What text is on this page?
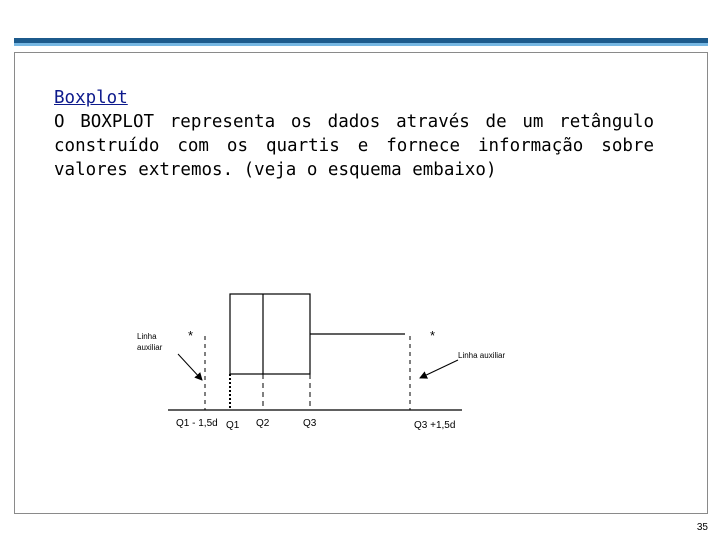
Boxplot
O BOXPLOT representa os dados através de um retângulo construído com os quartis e fornece informação sobre valores extremos. (veja o esquema embaixo)
*	*
Linha
auxiliar
Linha auxiliar
Q1 - 1,5d Q1 Q2	Q3	Q3 +1,5d
35
